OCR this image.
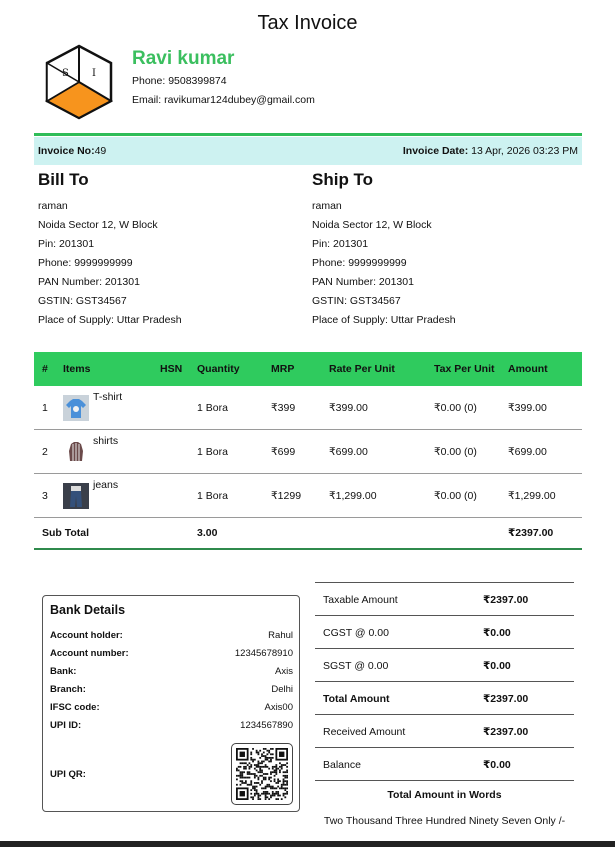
Tax Invoice
S I
Ravi kumar
Phone: 9508399874
Email: ravikumar124dubey@gmail.com
Invoice No:49	Invoice Date: 13 Apr, 2026 03:23 PM
Bill To
raman
Noida Sector 12, W Block
Pin: 201301
Phone: 9999999999
PAN Number: 201301
GSTIN: GST34567
Place of Supply: Uttar Pradesh
Ship To
raman
Noida Sector 12, W Block
Pin: 201301
Phone: 9999999999
PAN Number: 201301
GSTIN: GST34567
Place of Supply: Uttar Pradesh
#	Items	HSN	Quantity	MRP	Rate Per Unit	Tax Per Unit	Amount
1	T-shirt		1 Bora	₹399	₹399.00	₹0.00 (0)	₹399.00
2	shirts		1 Bora	₹699	₹699.00	₹0.00 (0)	₹699.00
3	jeans		1 Bora	₹1299	₹1,299.00	₹0.00 (0)	₹1,299.00
Sub Total			3.00				₹2397.00
Bank Details
Account holder:	Rahul
Account number:	12345678910
Bank:	Axis
Branch:	Delhi
IFSC code:	Axis00
UPI ID:	1234567890
UPI QR:
Taxable Amount	₹2397.00
CGST @ 0.00	₹0.00
SGST @ 0.00	₹0.00
Total Amount	₹2397.00
Received Amount	₹2397.00
Balance	₹0.00
Total Amount in Words
Two Thousand Three Hundred Ninety Seven Only /-
